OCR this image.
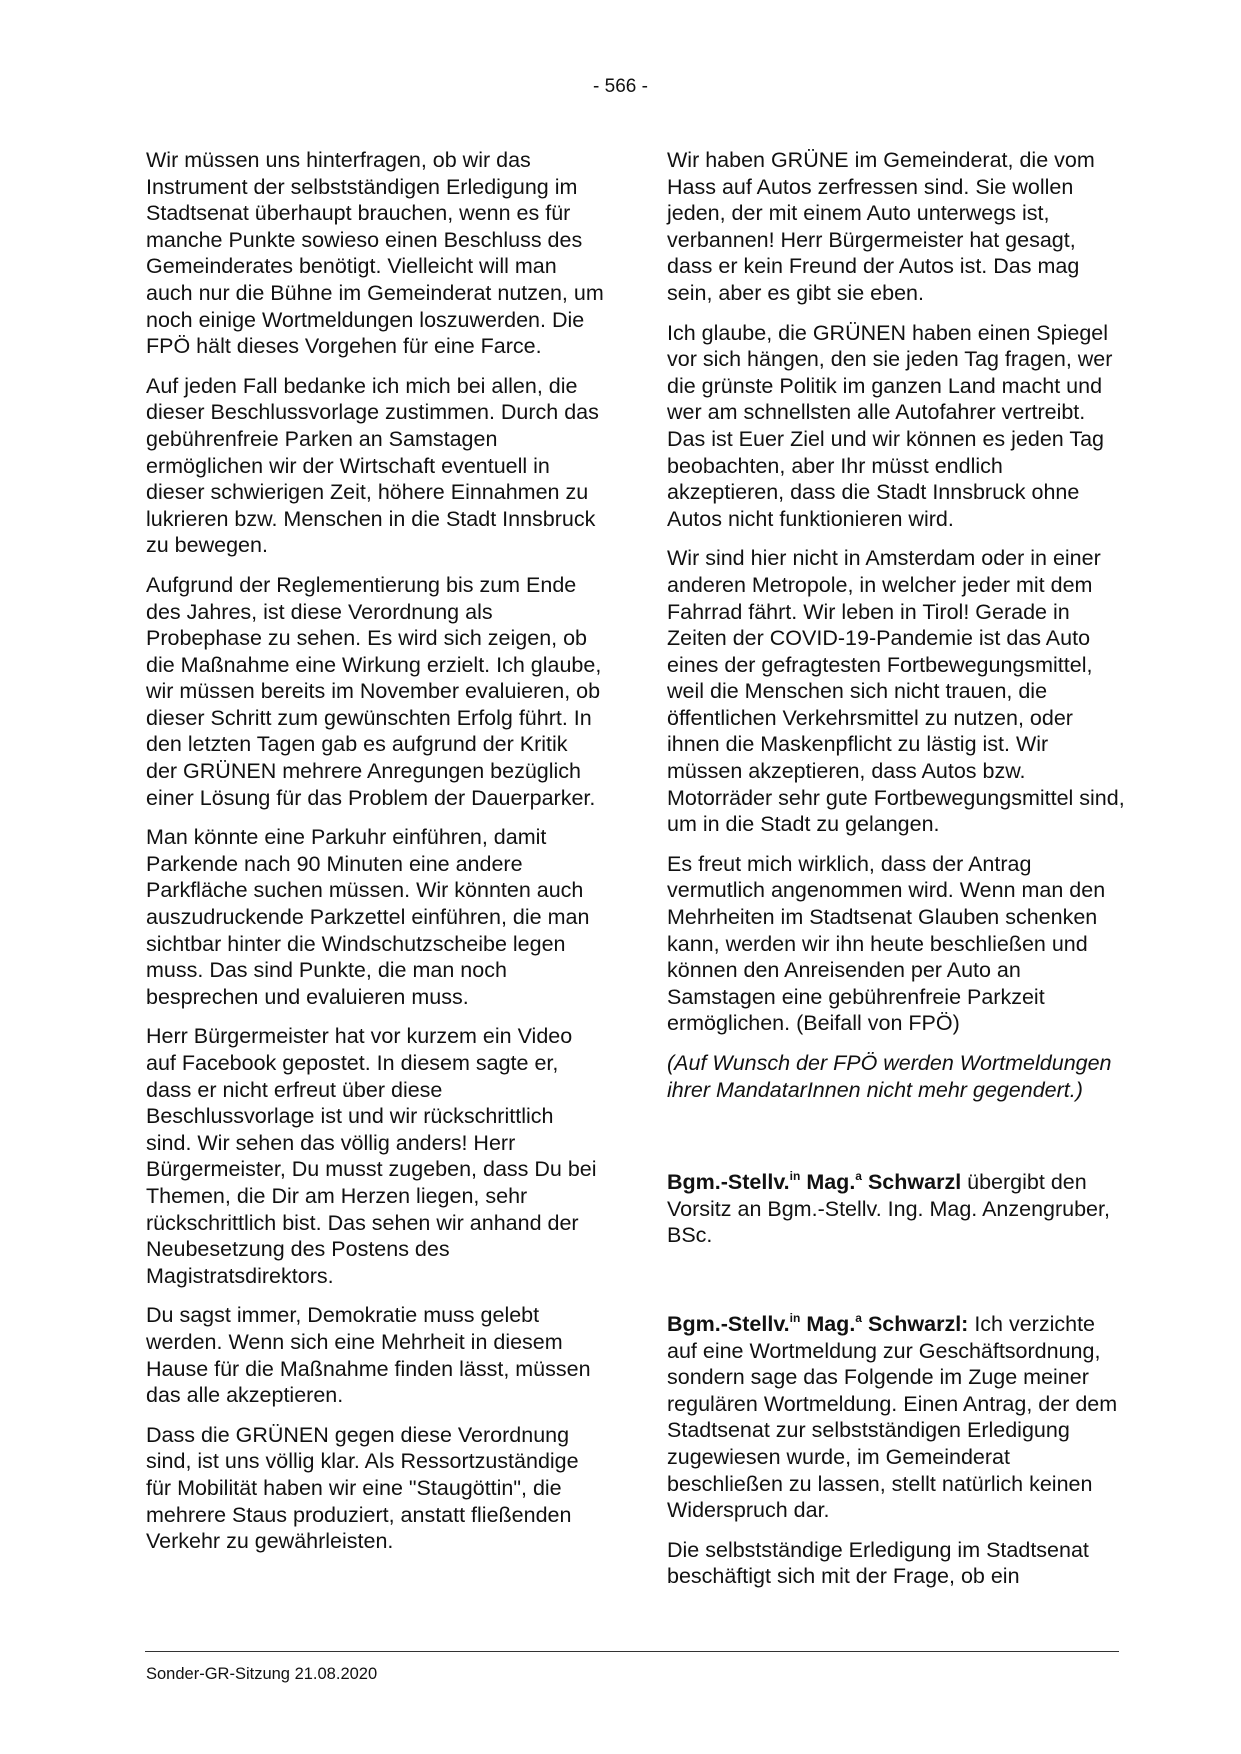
- 566 -

Wir müssen uns hinterfragen, ob wir das Instrument der selbstständigen Erledigung im Stadtsenat überhaupt brauchen, wenn es für manche Punkte sowieso einen Beschluss des Gemeinderates benötigt. Vielleicht will man auch nur die Bühne im Gemeinderat nutzen, um noch einige Wortmeldungen loszuwerden. Die FPÖ hält dieses Vorgehen für eine Farce.

Auf jeden Fall bedanke ich mich bei allen, die dieser Beschlussvorlage zustimmen. Durch das gebührenfreie Parken an Samstagen ermöglichen wir der Wirtschaft eventuell in dieser schwierigen Zeit, höhere Einnahmen zu lukrieren bzw. Menschen in die Stadt Innsbruck zu bewegen.

Aufgrund der Reglementierung bis zum Ende des Jahres, ist diese Verordnung als Probephase zu sehen. Es wird sich zeigen, ob die Maßnahme eine Wirkung erzielt. Ich glaube, wir müssen bereits im November evaluieren, ob dieser Schritt zum gewünschten Erfolg führt. In den letzten Tagen gab es aufgrund der Kritik der GRÜNEN mehrere Anregungen bezüglich einer Lösung für das Problem der Dauerparker.

Man könnte eine Parkuhr einführen, damit Parkende nach 90 Minuten eine andere Parkfläche suchen müssen. Wir könnten auch auszudruckende Parkzettel einführen, die man sichtbar hinter die Windschutzscheibe legen muss. Das sind Punkte, die man noch besprechen und evaluieren muss.

Herr Bürgermeister hat vor kurzem ein Video auf Facebook gepostet. In diesem sagte er, dass er nicht erfreut über diese Beschlussvorlage ist und wir rückschrittlich sind. Wir sehen das völlig anders! Herr Bürgermeister, Du musst zugeben, dass Du bei Themen, die Dir am Herzen liegen, sehr rückschrittlich bist. Das sehen wir anhand der Neubesetzung des Postens des Magistratsdirektors.

Du sagst immer, Demokratie muss gelebt werden. Wenn sich eine Mehrheit in diesem Hause für die Maßnahme finden lässt, müssen das alle akzeptieren.

Dass die GRÜNEN gegen diese Verordnung sind, ist uns völlig klar. Als Ressortzuständige für Mobilität haben wir eine "Staugöttin", die mehrere Staus produziert, anstatt fließenden Verkehr zu gewährleisten.

Wir haben GRÜNE im Gemeinderat, die vom Hass auf Autos zerfressen sind. Sie wollen jeden, der mit einem Auto unterwegs ist, verbannen! Herr Bürgermeister hat gesagt, dass er kein Freund der Autos ist. Das mag sein, aber es gibt sie eben.

Ich glaube, die GRÜNEN haben einen Spiegel vor sich hängen, den sie jeden Tag fragen, wer die grünste Politik im ganzen Land macht und wer am schnellsten alle Autofahrer vertreibt. Das ist Euer Ziel und wir können es jeden Tag beobachten, aber Ihr müsst endlich akzeptieren, dass die Stadt Innsbruck ohne Autos nicht funktionieren wird.

Wir sind hier nicht in Amsterdam oder in einer anderen Metropole, in welcher jeder mit dem Fahrrad fährt. Wir leben in Tirol! Gerade in Zeiten der COVID-19-Pandemie ist das Auto eines der gefragtesten Fortbewegungsmittel, weil die Menschen sich nicht trauen, die öffentlichen Verkehrsmittel zu nutzen, oder ihnen die Maskenpflicht zu lästig ist. Wir müssen akzeptieren, dass Autos bzw. Motorräder sehr gute Fortbewegungsmittel sind, um in die Stadt zu gelangen.

Es freut mich wirklich, dass der Antrag vermutlich angenommen wird. Wenn man den Mehrheiten im Stadtsenat Glauben schenken kann, werden wir ihn heute beschließen und können den Anreisenden per Auto an Samstagen eine gebührenfreie Parkzeit ermöglichen. (Beifall von FPÖ)

(Auf Wunsch der FPÖ werden Wortmeldungen ihrer MandatarInnen nicht mehr gegendert.)

Bgm.-Stellv.$^{in}$ Mag.$^a$ Schwarzl übergibt den Vorsitz an Bgm.-Stellv. Ing. Mag. Anzengruber, BSc.

Bgm.-Stellv.$^{in}$ Mag.$^a$ Schwarzl: Ich verzichte auf eine Wortmeldung zur Geschäftsordnung, sondern sage das Folgende im Zuge meiner regulären Wortmeldung. Einen Antrag, der dem Stadtsenat zur selbstständigen Erledigung zugewiesen wurde, im Gemeinderat beschließen zu lassen, stellt natürlich keinen Widerspruch dar.

Die selbstständige Erledigung im Stadtsenat beschäftigt sich mit der Frage, ob ein

Sonder-GR-Sitzung 21.08.2020
